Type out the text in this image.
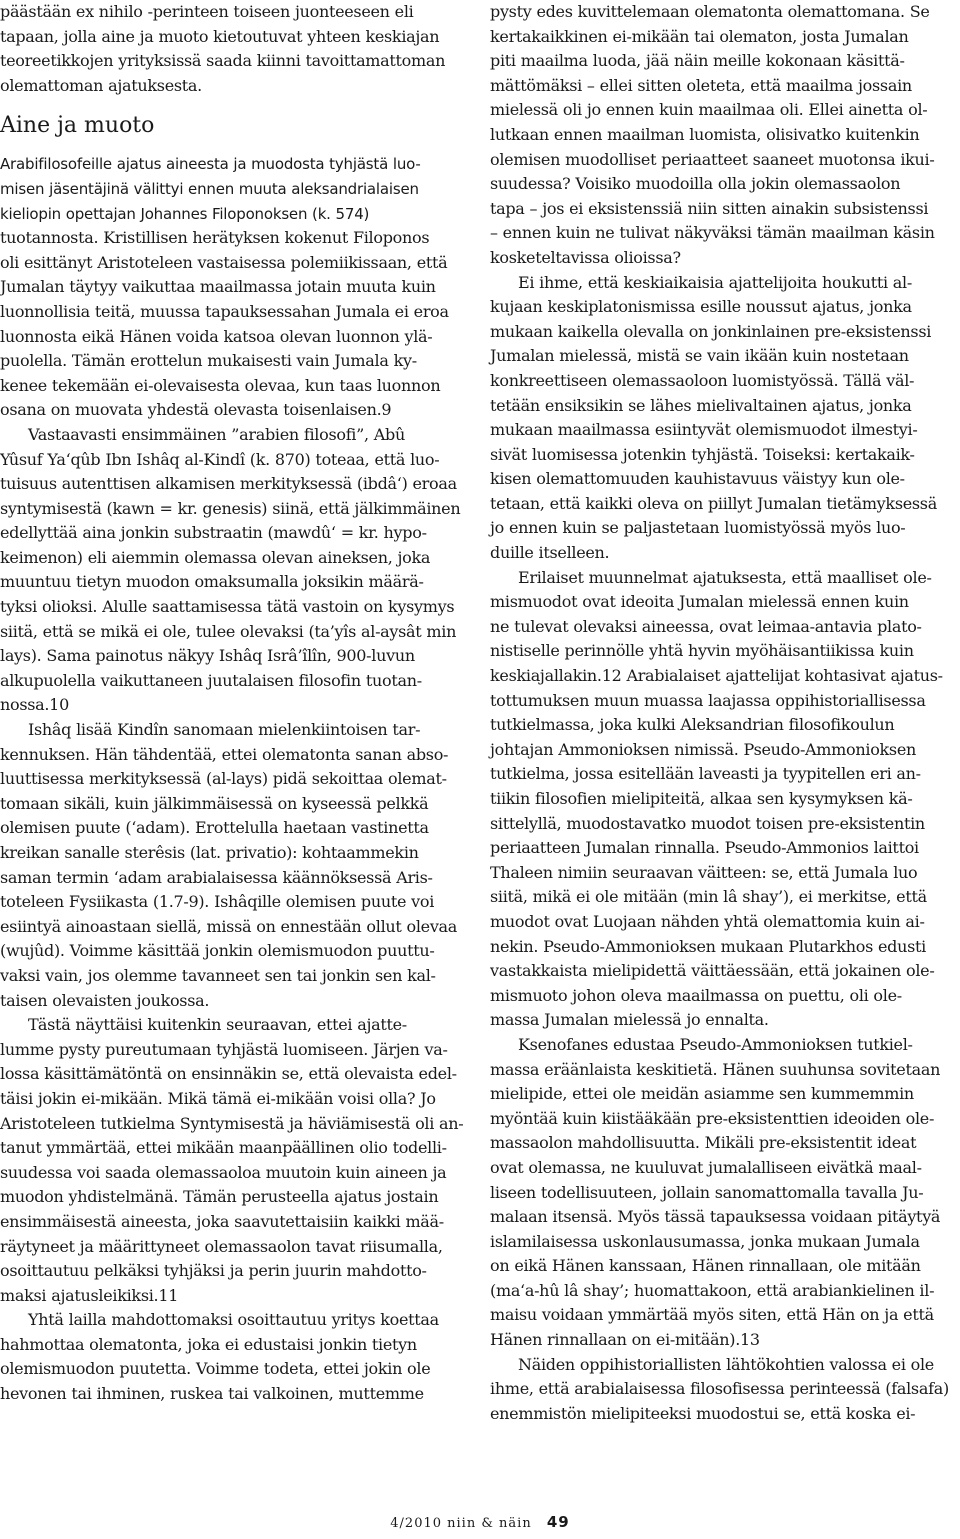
päästään ex nihilo -perinteen toiseen juonteeseen eli
tapaan, jolla aine ja muoto kietoutuvat yhteen keskiajan
teoreetikkojen yrityksissä saada kiinni tavoittamattoman
olemattoman ajatuksesta.
Aine ja muoto
Arabifilosofeille ajatus aineesta ja muodosta tyhjästä luo-
misen jäsentäjinä välittyi ennen muuta aleksandrialaisen
kieliopin opettajan Johannes Filoponoksen (k. 574)
tuotannosta. Kristillisen herätyksen kokenut Filoponos
oli esittänyt Aristoteleen vastaisessa polemiikissaan, että
Jumalan täytyy vaikuttaa maailmassa jotain muuta kuin
luonnollisia teitä, muussa tapauksessahan Jumala ei eroa
luonnosta eikä Hänen voida katsoa olevan luonnon ylä-
puolella. Tämän erottelun mukaisesti vain Jumala ky-
kenee tekemään ei-olevaisesta olevaa, kun taas luonnon
osana on muovata yhdestä olevasta toisenlaisen.9
Vastaavasti ensimmäinen ”arabien filosofi”, Abû
Yûsuf Ya‘qûb Ibn Ishâq al-Kindî (k. 870) toteaa, että luo-
tuisuus autenttisen alkamisen merkityksessä (ibdâ‘) eroaa
syntymisestä (kawn = kr. genesis) siinä, että jälkimmäinen
edellyttää aina jonkin substraatin (mawdû‘ = kr. hypo-
keimenon) eli aiemmin olemassa olevan aineksen, joka
muuntuu tietyn muodon omaksumalla joksikin määrä-
tyksi olioksi. Alulle saattamisessa tätä vastoin on kysymys
siitä, että se mikä ei ole, tulee olevaksi (ta’yîs al-aysât min
lays). Sama painotus näkyy Ishâq Isrâ’îlîn, 900-luvun
alkupuolella vaikuttaneen juutalaisen filosofin tuotan-
nossa.10
Ishâq lisää Kindîn sanomaan mielenkiintoisen tar-
kennuksen. Hän tähdentää, ettei olematonta sanan abso-
luuttisessa merkityksessä (al-lays) pidä sekoittaa olemat-
tomaan sikäli, kuin jälkimmäisessä on kyseessä pelkkä
olemisen puute (‘adam). Erottelulla haetaan vastinetta
kreikan sanalle sterêsis (lat. privatio): kohtaammekin
saman termin ‘adam arabialaisessa käännöksessä Aris-
toteleen Fysiikasta (1.7-9). Ishâqille olemisen puute voi
esiintyä ainoastaan siellä, missä on ennestään ollut olevaa
(wujûd). Voimme käsittää jonkin olemismuodon puuttu-
vaksi vain, jos olemme tavanneet sen tai jonkin sen kal-
taisen olevaisten joukossa.
Tästä näyttäisi kuitenkin seuraavan, ettei ajatte-
lumme pysty pureutumaan tyhjästä luomiseen. Järjen va-
lossa käsittämätöntä on ensinnäkin se, että olevaista edel-
täisi jokin ei-mikään. Mikä tämä ei-mikään voisi olla? Jo
Aristoteleen tutkielma Syntymisestä ja häviämisestä oli an-
tanut ymmärtää, ettei mikään maanpäällinen olio todelli-
suudessa voi saada olemassaoloa muutoin kuin aineen ja
muodon yhdistelmänä. Tämän perusteella ajatus jostain
ensimmäisestä aineesta, joka saavutettaisiin kaikki mää-
räytyneet ja määrittyneet olemassaolon tavat riisumalla,
osoittautuu pelkäksi tyhjäksi ja perin juurin mahdotto-
maksi ajatusleikiksi.11
Yhtä lailla mahdottomaksi osoittautuu yritys koettaa
hahmottaa olematonta, joka ei edustaisi jonkin tietyn
olemismuodon puutetta. Voimme todeta, ettei jokin ole
hevonen tai ihminen, ruskea tai valkoinen, muttemme
pysty edes kuvittelemaan olematonta olemattomana. Se
kertakaikkinen ei-mikään tai olematon, josta Jumalan
piti maailma luoda, jää näin meille kokonaan käsittä-
mättömäksi – ellei sitten oleteta, että maailma jossain
mielessä oli jo ennen kuin maailmaa oli. Ellei ainetta ol-
lutkaan ennen maailman luomista, olisivatko kuitenkin
olemisen muodolliset periaatteet saaneet muotonsa ikui-
suudessa? Voisiko muodoilla olla jokin olemassaolon
tapa – jos ei eksistenssiä niin sitten ainakin subsistenssi
– ennen kuin ne tulivat näkyväksi tämän maailman käsin
kosketeltavissa olioissa?
Ei ihme, että keskiaikaisia ajattelijoita houkutti al-
kujaan keskiplatonismissa esille noussut ajatus, jonka
mukaan kaikella olevalla on jonkinlainen pre-eksistenssi
Jumalan mielessä, mistä se vain ikään kuin nostetaan
konkreettiseen olemassaoloon luomistyössä. Tällä väl-
tetään ensiksikin se lähes mielivaltainen ajatus, jonka
mukaan maailmassa esiintyvät olemismuodot ilmestyi-
sivät luomisessa jotenkin tyhjästä. Toiseksi: kertakaik-
kisen olemattomuuden kauhistavuus väistyy kun ole-
tetaan, että kaikki oleva on piillyt Jumalan tietämyksessä
jo ennen kuin se paljastetaan luomistyössä myös luo-
duille itselleen.
Erilaiset muunnelmat ajatuksesta, että maalliset ole-
mismuodot ovat ideoita Jumalan mielessä ennen kuin
ne tulevat olevaksi aineessa, ovat leimaa-antavia plato-
nistiselle perinnölle yhtä hyvin myöhäisantiikissa kuin
keskiajallakin.12 Arabialaiset ajattelijat kohtasivat ajatus-
tottumuksen muun muassa laajassa oppihistoriallisessa
tutkielmassa, joka kulki Aleksandrian filosofikoulun
johtajan Ammonioksen nimissä. Pseudo-Ammonioksen
tutkielma, jossa esitellään laveasti ja tyypitellen eri an-
tiikin filosofien mielipiteitä, alkaa sen kysymyksen kä-
sittelyllä, muodostavatko muodot toisen pre-eksistentin
periaatteen Jumalan rinnalla. Pseudo-Ammonios laittoi
Thaleen nimiin seuraavan väitteen: se, että Jumala luo
siitä, mikä ei ole mitään (min lâ shay’), ei merkitse, että
muodot ovat Luojaan nähden yhtä olemattomia kuin ai-
nekin. Pseudo-Ammonioksen mukaan Plutarkhos edusti
vastakkaista mielipidettä väittäessään, että jokainen ole-
mismuoto johon oleva maailmassa on puettu, oli ole-
massa Jumalan mielessä jo ennalta.
Ksenofanes edustaa Pseudo-Ammonioksen tutkiel-
massa eräänlaista keskitietä. Hänen suuhunsa sovitetaan
mielipide, ettei ole meidän asiamme sen kummemmin
myöntää kuin kiistääkään pre-eksistenttien ideoiden ole-
massaolon mahdollisuutta. Mikäli pre-eksistentit ideat
ovat olemassa, ne kuuluvat jumalalliseen eivätkä maal-
liseen todellisuuteen, jollain sanomattomalla tavalla Ju-
malaan itsensä. Myös tässä tapauksessa voidaan pitäytyä
islamilaisessa uskonlausumassa, jonka mukaan Jumala
on eikä Hänen kanssaan, Hänen rinnallaan, ole mitään
(ma‘a-hû lâ shay’; huomattakoon, että arabiankielinen il-
maisu voidaan ymmärtää myös siten, että Hän on ja että
Hänen rinnallaan on ei-mitään).13
Näiden oppihistoriallisten lähtökohtien valossa ei ole
ihme, että arabialaisessa filosofisessa perinteessä (falsafa)
enemmistön mielipiteeksi muodostui se, että koska ei-
4/2010 niin & näin 49
